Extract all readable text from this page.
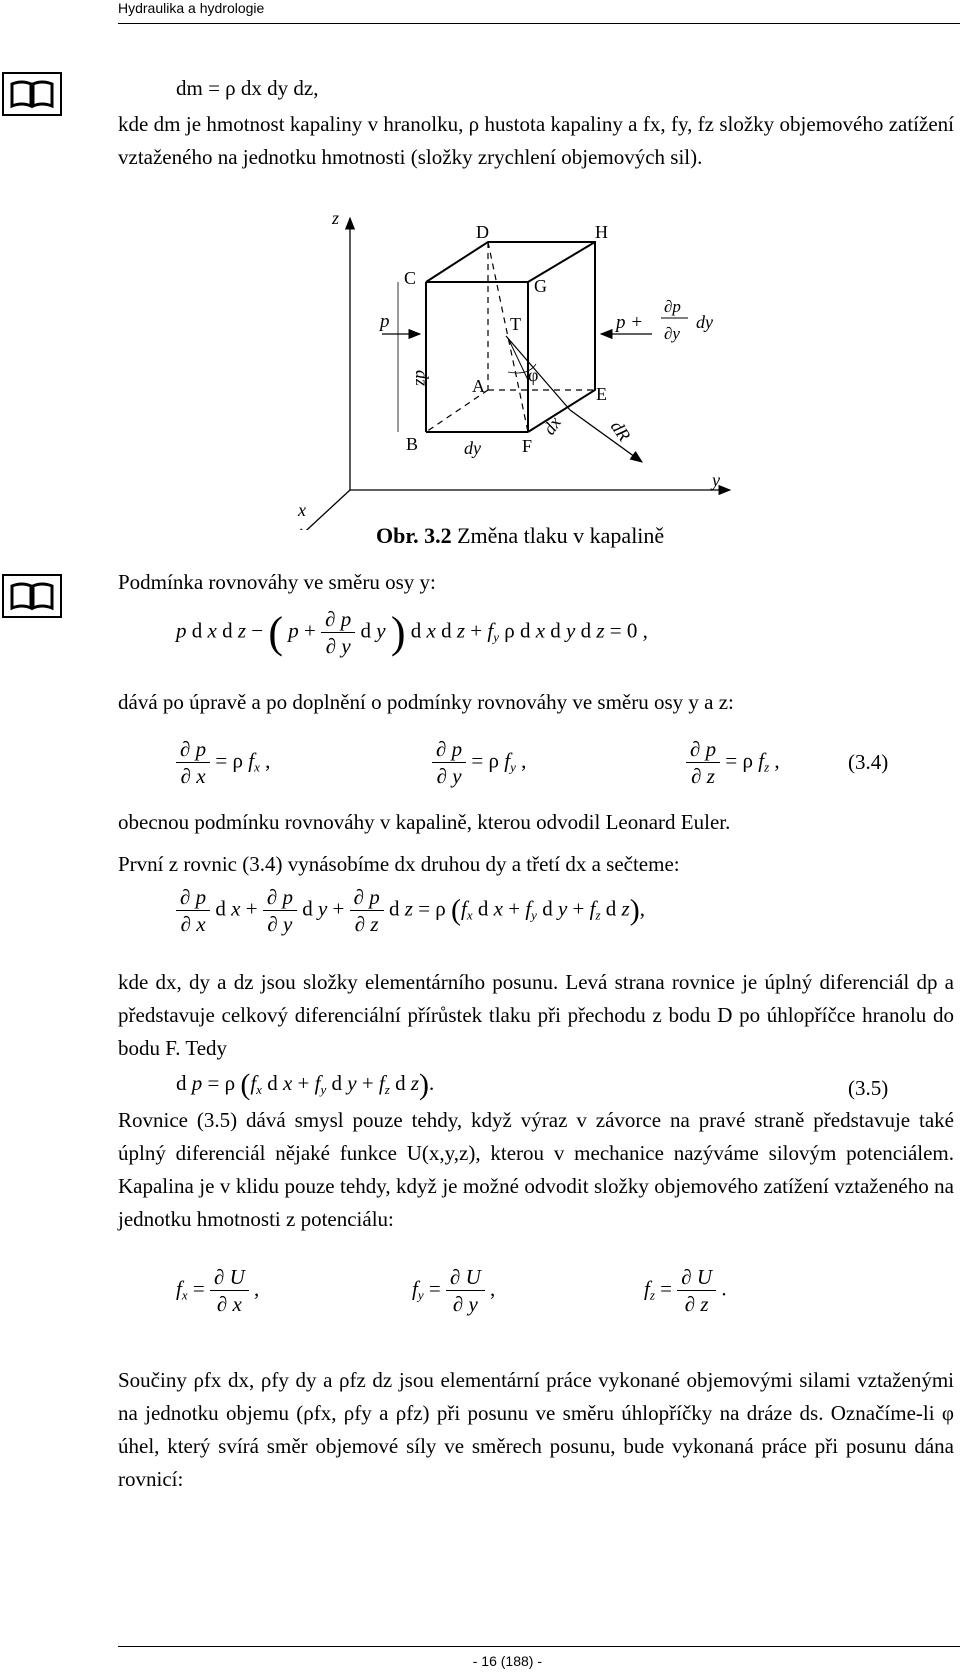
Hydraulika a hydrologie
dm = ρ dx dy dz,
kde dm je hmotnost kapaliny v hranolku, ρ hustota kapaliny a fx, fy, fz složky objemového zatížení vztaženého na jednotku hmotnosti (složky zrychlení objemových sil).
z
x
y
D	H
C	G
T
A	E
B	F
p	p +
∂p
∂y
dy
dz
dy
dx dR
φ
Obr. 3.2 Změna tlaku v kapalině
Podmínka rovnováhy ve směru osy y:
p d x d z − ( $p + \frac{\partial p}{\partial y}$ d y ) d x d $z + f_y$ ρ d x d y d z = 0 ,
dává po úpravě a po doplnění o podmínky rovnováhy ve směru osy y a z:
$\frac{\partial p}{\partial x} = \rho$ $f_x$ ,	$\frac{\partial p}{\partial y} = \rho$ $f_y$ ,	$\frac{\partial p}{\partial z} = \rho$ $f_z$ ,	(3.4)
obecnou podmínku rovnováhy v kapalině, kterou odvodil Leonard Euler.
První z rovnic (3.4) vynásobíme dx druhou dy a třetí dx a sečteme:
$\frac{\partial p}{\partial x}$ d $x + \frac{\partial p}{\partial y}$ d $y + \frac{\partial p}{\partial z}$ d z = ρ ($f_x$ d $x + f_y$ d $y + f_z$ d z),
kde dx, dy a dz jsou složky elementárního posunu. Levá strana rovnice je úplný diferenciál dp a představuje celkový diferenciální přírůstek tlaku při přechodu z bodu D po úhlopříčce hranolu do bodu F. Tedy
d p = ρ ($f_x$ d $x + f_y$ d $y + f_z$ d z).	(3.5)
Rovnice (3.5) dává smysl pouze tehdy, když výraz v závorce na pravé straně představuje také úplný diferenciál nějaké funkce U(x,y,z), kterou v mechanice nazýváme silovým potenciálem. Kapalina je v klidu pouze tehdy, když je možné odvodit složky objemového zatížení vztaženého na jednotku hmotnosti z potenciálu:
$f_x = \frac{\partial U}{\partial x}$ ,	$f_y = \frac{\partial U}{\partial y}$ ,	$f_z = \frac{\partial U}{\partial z}$ .
Součiny ρfx dx, ρfy dy a ρfz dz jsou elementární práce vykonané objemovými silami vztaženými na jednotku objemu (ρfx, ρfy a ρfz) při posunu ve směru úhlopříčky na dráze ds. Označíme-li φ úhel, který svírá směr objemové síly ve směrech posunu, bude vykonaná práce při posunu dána rovnicí:
- 16 (188) -
